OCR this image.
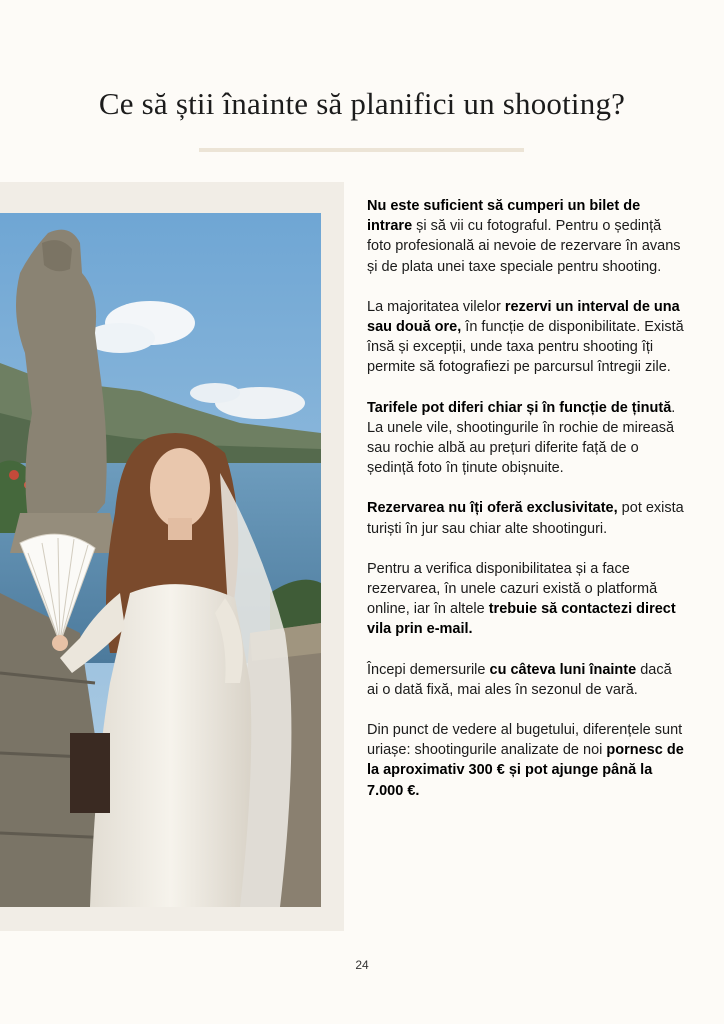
Ce să știi înainte să planifici un shooting?

Nu este suficient să cumperi un bilet de intrare și să vii cu fotograful. Pentru o ședință foto profesională ai nevoie de rezervare în avans și de plata unei taxe speciale pentru shooting.

La majoritatea vilelor rezervi un interval de una sau două ore, în funcție de disponibilitate. Există însă și excepții, unde taxa pentru shooting îți permite să fotografiezi pe parcursul întregii zile.

Tarifele pot diferi chiar și în funcție de ținută. La unele vile, shootingurile în rochie de mireasă sau rochie albă au prețuri diferite față de o ședință foto în ținute obișnuite.

Rezervarea nu îți oferă exclusivitate, pot exista turiști în jur sau chiar alte shootinguri.

Pentru a verifica disponibilitatea și a face rezervarea, în unele cazuri există o platformă online, iar în altele trebuie să contactezi direct vila prin e-mail.

Începi demersurile cu câteva luni înainte dacă ai o dată fixă, mai ales în sezonul de vară.

Din punct de vedere al bugetului, diferențele sunt uriașe: shootingurile analizate de noi pornesc de la aproximativ 300 € și pot ajunge până la 7.000 €.

24
